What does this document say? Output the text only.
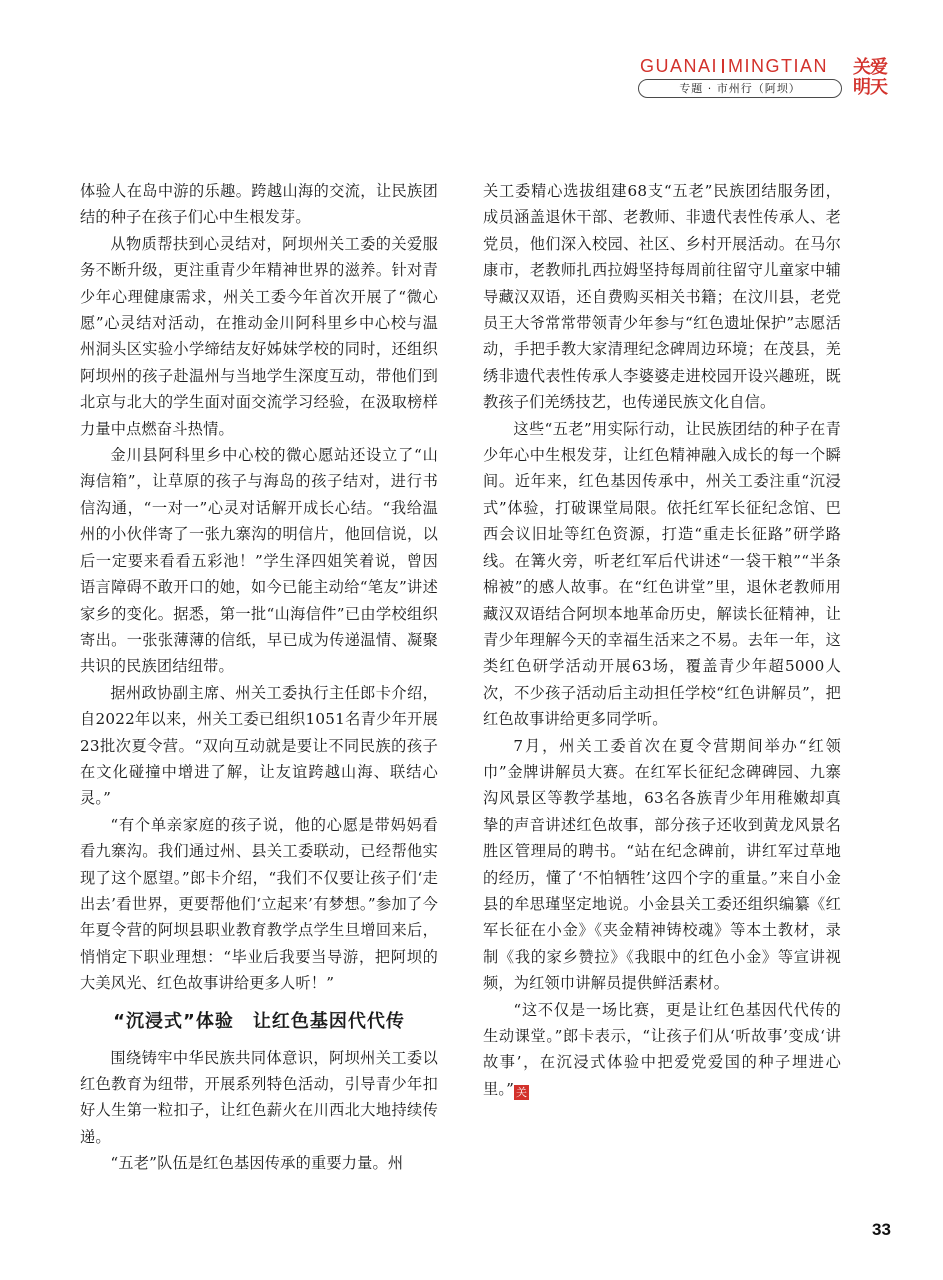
GUANAI MINGTIAN
专题 · 市州行（阿坝）
关爱
明天

体验人在岛中游的乐趣。跨越山海的交流，让民族团结的种子在孩子们心中生根发芽。

从物质帮扶到心灵结对，阿坝州关工委的关爱服务不断升级，更注重青少年精神世界的滋养。针对青少年心理健康需求，州关工委今年首次开展了“微心愿”心灵结对活动，在推动金川阿科里乡中心校与温州洞头区实验小学缔结友好姊妹学校的同时，还组织阿坝州的孩子赴温州与当地学生深度互动，带他们到北京与北大的学生面对面交流学习经验，在汲取榜样力量中点燃奋斗热情。

金川县阿科里乡中心校的微心愿站还设立了“山海信箱”，让草原的孩子与海岛的孩子结对，进行书信沟通，“一对一”心灵对话解开成长心结。“我给温州的小伙伴寄了一张九寨沟的明信片，他回信说，以后一定要来看看五彩池！”学生泽四姐笑着说，曾因语言障碍不敢开口的她，如今已能主动给“笔友”讲述家乡的变化。据悉，第一批“山海信件”已由学校组织寄出。一张张薄薄的信纸，早已成为传递温情、凝聚共识的民族团结纽带。

据州政协副主席、州关工委执行主任郎卡介绍，自2022年以来，州关工委已组织1051名青少年开展23批次夏令营。“双向互动就是要让不同民族的孩子在文化碰撞中增进了解，让友谊跨越山海、联结心灵。”

“有个单亲家庭的孩子说，他的心愿是带妈妈看看九寨沟。我们通过州、县关工委联动，已经帮他实现了这个愿望。”郎卡介绍，“我们不仅要让孩子们‘走出去’看世界，更要帮他们‘立起来’有梦想。”参加了今年夏令营的阿坝县职业教育教学点学生旦增回来后，悄悄定下职业理想：“毕业后我要当导游，把阿坝的大美风光、红色故事讲给更多人听！”

“沉浸式”体验　让红色基因代代传

围绕铸牢中华民族共同体意识，阿坝州关工委以红色教育为纽带，开展系列特色活动，引导青少年扣好人生第一粒扣子，让红色薪火在川西北大地持续传递。

“五老”队伍是红色基因传承的重要力量。州

关工委精心选拔组建68支“五老”民族团结服务团，成员涵盖退休干部、老教师、非遗代表性传承人、老党员，他们深入校园、社区、乡村开展活动。在马尔康市，老教师扎西拉姆坚持每周前往留守儿童家中辅导藏汉双语，还自费购买相关书籍；在汶川县，老党员王大爷常常带领青少年参与“红色遗址保护”志愿活动，手把手教大家清理纪念碑周边环境；在茂县，羌绣非遗代表性传承人李婆婆走进校园开设兴趣班，既教孩子们羌绣技艺，也传递民族文化自信。

这些“五老”用实际行动，让民族团结的种子在青少年心中生根发芽，让红色精神融入成长的每一个瞬间。近年来，红色基因传承中，州关工委注重“沉浸式”体验，打破课堂局限。依托红军长征纪念馆、巴西会议旧址等红色资源，打造“重走长征路”研学路线。在篝火旁，听老红军后代讲述“一袋干粮”“半条棉被”的感人故事。在“红色讲堂”里，退休老教师用藏汉双语结合阿坝本地革命历史，解读长征精神，让青少年理解今天的幸福生活来之不易。去年一年，这类红色研学活动开展63场，覆盖青少年超5000人次，不少孩子活动后主动担任学校“红色讲解员”，把红色故事讲给更多同学听。

7月，州关工委首次在夏令营期间举办“红领巾”金牌讲解员大赛。在红军长征纪念碑碑园、九寨沟风景区等教学基地，63名各族青少年用稚嫩却真挚的声音讲述红色故事，部分孩子还收到黄龙风景名胜区管理局的聘书。“站在纪念碑前，讲红军过草地的经历，懂了‘不怕牺牲’这四个字的重量。”来自小金县的牟思瑾坚定地说。小金县关工委还组织编纂《红军长征在小金》《夹金精神铸校魂》等本土教材，录制《我的家乡赞拉》《我眼中的红色小金》等宣讲视频，为红领巾讲解员提供鲜活素材。

“这不仅是一场比赛，更是让红色基因代代传的生动课堂。”郎卡表示，“让孩子们从‘听故事’变成‘讲故事’，在沉浸式体验中把爱党爱国的种子埋进心里。” 关

33
